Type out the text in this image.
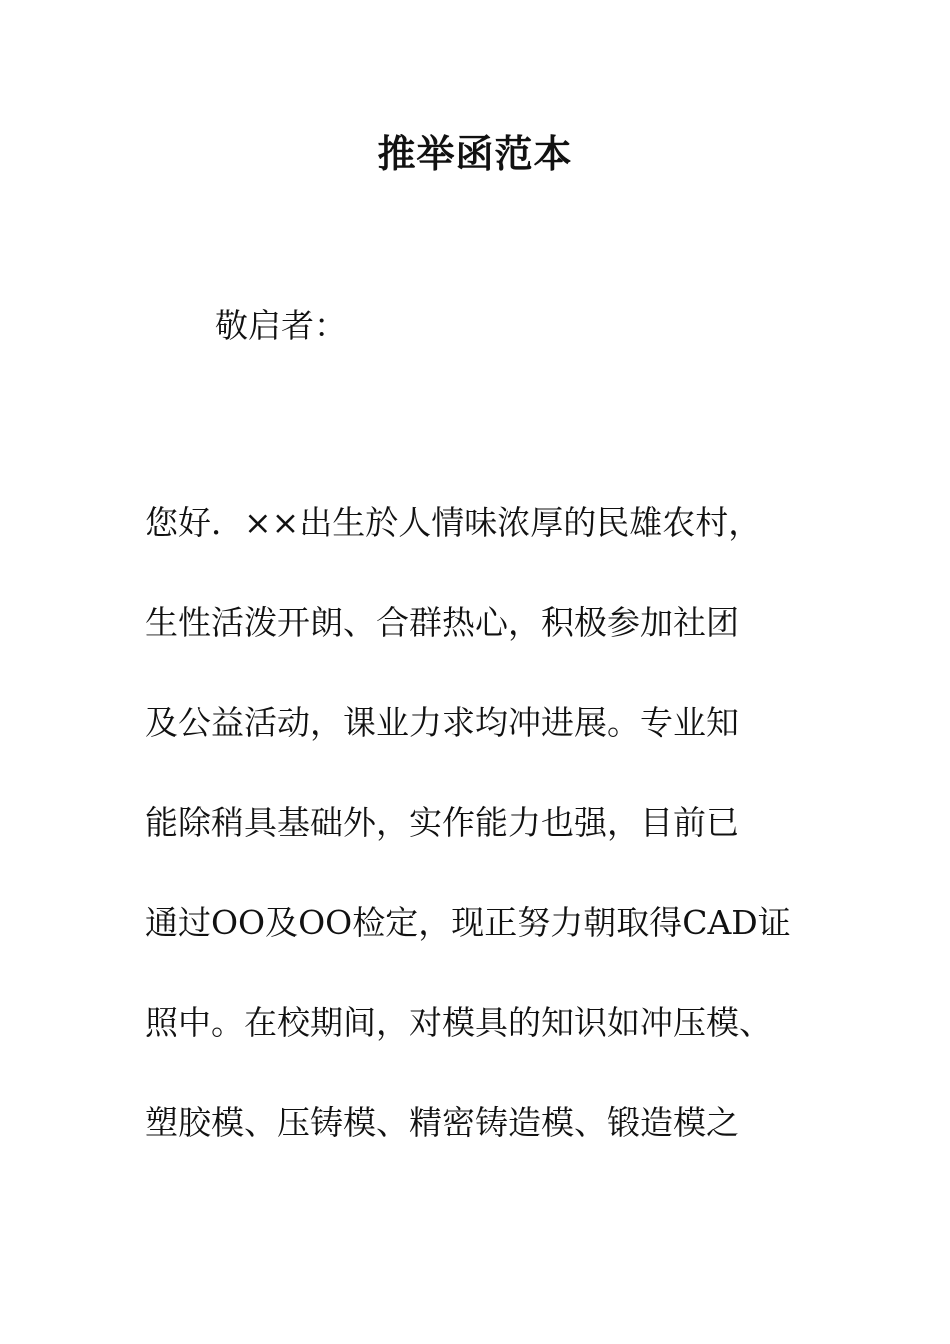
推举函范本
敬启者：
您好．××出生於人情味浓厚的民雄农村，
生性活泼开朗、合群热心，积极参加社团
及公益活动，课业力求均冲进展。专业知
能除稍具基础外，实作能力也强，目前已
通过OO及OO检定，现正努力朝取得CAD证
照中。在校期间，对模具的知识如冲压模、
塑胶模、压铸模、精密铸造模、锻造模之
